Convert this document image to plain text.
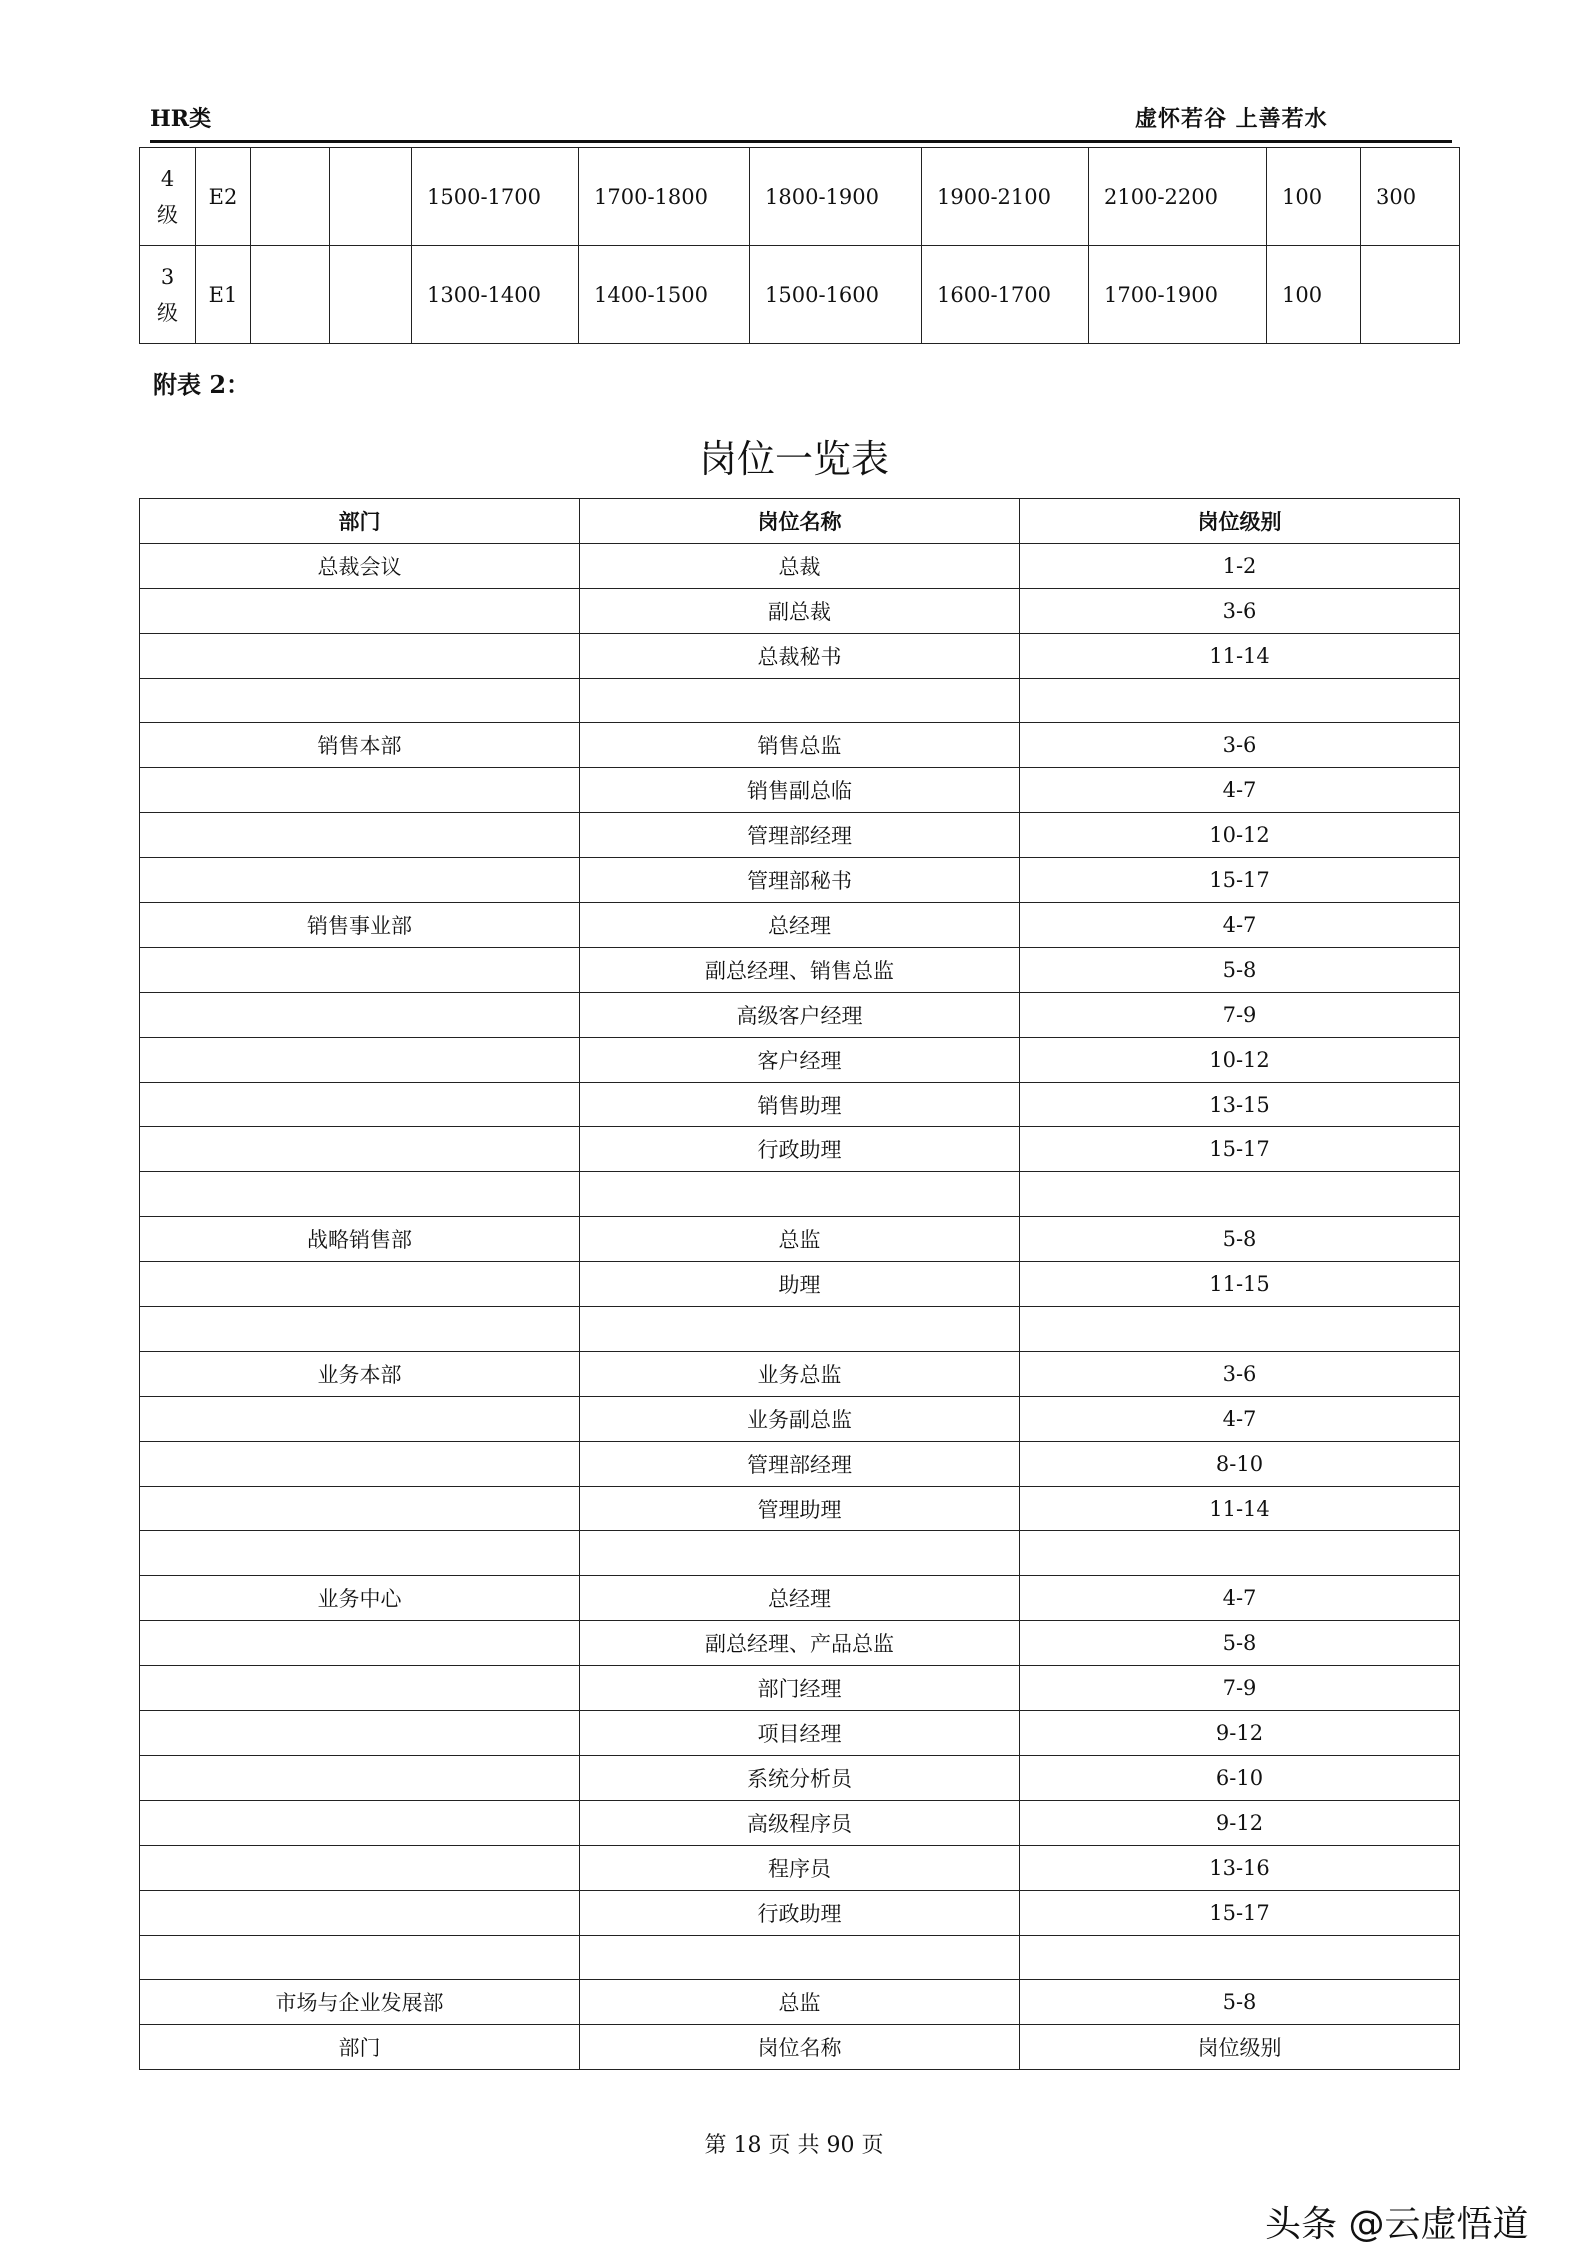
HR类	虚怀若谷 上善若水
4
级	E2			1500-1700	1700-1800	1800-1900	1900-2100	2100-2200	100	300

3
级	E1			1300-1400	1400-1500	1500-1600	1600-1700	1700-1900	100	
附表 2：
岗位一览表
部门	岗位名称	岗位级别
总裁会议	总裁	1-2
	副总裁	3-6
	总裁秘书	11-14

销售本部	销售总监	3-6
	销售副总临	4-7
	管理部经理	10-12
	管理部秘书	15-17
销售事业部	总经理	4-7
	副总经理、销售总监	5-8
	高级客户经理	7-9
	客户经理	10-12
	销售助理	13-15
	行政助理	15-17

战略销售部	总监	5-8
	助理	11-15

业务本部	业务总监	3-6
	业务副总监	4-7
	管理部经理	8-10
	管理助理	11-14

业务中心	总经理	4-7
	副总经理、产品总监	5-8
	部门经理	7-9
	项目经理	9-12
	系统分析员	6-10
	高级程序员	9-12
	程序员	13-16
	行政助理	15-17

市场与企业发展部	总监	5-8
部门	岗位名称	岗位级别
第 18 页 共 90 页
头条 @云虚悟道
